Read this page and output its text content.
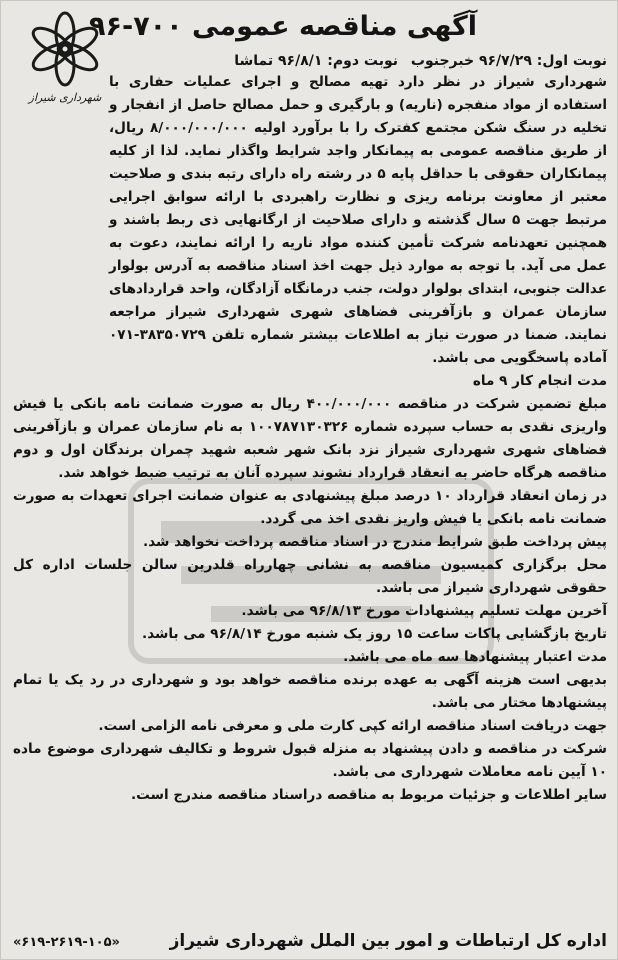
شهرداری شیراز
آگهی مناقصه عمومی ۷۰۰-۹۶
نوبت اول: ۹۶/۷/۲۹ خبرجنوب نوبت دوم: ۹۶/۸/۱ تماشا

شهرداری شیراز در نظر دارد تهیه مصالح و اجرای عملیات حفاری با استفاده از مواد منفجره (ناریه) و بارگیری و حمل مصالح حاصل از انفجار و تخلیه در سنگ شکن مجتمع کفترک را با برآورد اولیه ۸/۰۰۰/۰۰۰/۰۰۰ ریال، از طریق مناقصه عمومی به پیمانکار واجد شرایط واگذار نماید. لذا از کلیه پیمانکاران حقوقی با حداقل پایه ۵ در رشته راه دارای رتبه بندی و صلاحیت معتبر از معاونت برنامه ریزی و نظارت راهبردی با ارائه سوابق اجرایی مرتبط جهت ۵ سال گذشته و دارای صلاحیت از ارگانهایی ذی ربط باشند و همچنین تعهدنامه شرکت تأمین کننده مواد ناریه را ارائه نمایند، دعوت به عمل می آید. با توجه به موارد ذیل جهت اخذ اسناد مناقصه به آدرس بولوار عدالت جنوبی، ابتدای بولوار دولت، جنب درمانگاه آزادگان، واحد قراردادهای سازمان عمران و بازآفرینی فضاهای شهری شهرداری شیراز مراجعه نمایند. ضمنا در صورت نیاز به اطلاعات بیشتر شماره تلفن ۳۸۳۵۰۷۲۹-۰۷۱ آماده پاسخگویی می باشد.

مدت انجام کار ۹ ماه

مبلغ تضمین شرکت در مناقصه ۴۰۰/۰۰۰/۰۰۰ ریال به صورت ضمانت نامه بانکی یا فیش واریزی نقدی به حساب سپرده شماره ۱۰۰۷۸۷۱۳۰۳۲۶ به نام سازمان عمران و بازآفرینی فضاهای شهری شهرداری شیراز نزد بانک شهر شعبه شهید چمران برندگان اول و دوم مناقصه هرگاه حاضر به انعقاد قرارداد نشوند سپرده آنان به ترتیب ضبط خواهد شد.

در زمان انعقاد قرارداد ۱۰ درصد مبلغ پیشنهادی به عنوان ضمانت اجرای تعهدات به صورت ضمانت نامه بانکی یا فیش واریز نقدی اخذ می گردد.

پیش پرداخت طبق شرایط مندرج در اسناد مناقصه پرداخت نخواهد شد.

محل برگزاری کمیسیون مناقصه به نشانی چهارراه قلدرین سالن جلسات اداره کل حقوقی شهرداری شیراز می باشد.

آخرین مهلت تسلیم پیشنهادات مورخ ۹۶/۸/۱۳ می باشد.

تاریخ بازگشایی پاکات ساعت ۱۵ روز یک شنبه مورخ ۹۶/۸/۱۴ می باشد.

مدت اعتبار پیشنهادها سه ماه می باشد.

بدیهی است هزینه آگهی به عهده برنده مناقصه خواهد بود و شهرداری در رد یک یا تمام پیشنهادها مختار می باشد.

جهت دریافت اسناد مناقصه ارائه کپی کارت ملی و معرفی نامه الزامی است.

شرکت در مناقصه و دادن پیشنهاد به منزله قبول شروط و تکالیف شهرداری موضوع ماده ۱۰ آیین نامه معاملات شهرداری می باشد.

سایر اطلاعات و جزئیات مربوط به مناقصه دراسناد مناقصه مندرج است.

اداره کل ارتباطات و امور بین الملل شهرداری شیراز
«۶۱۹-۲۶۱۹-۱۰۵»
